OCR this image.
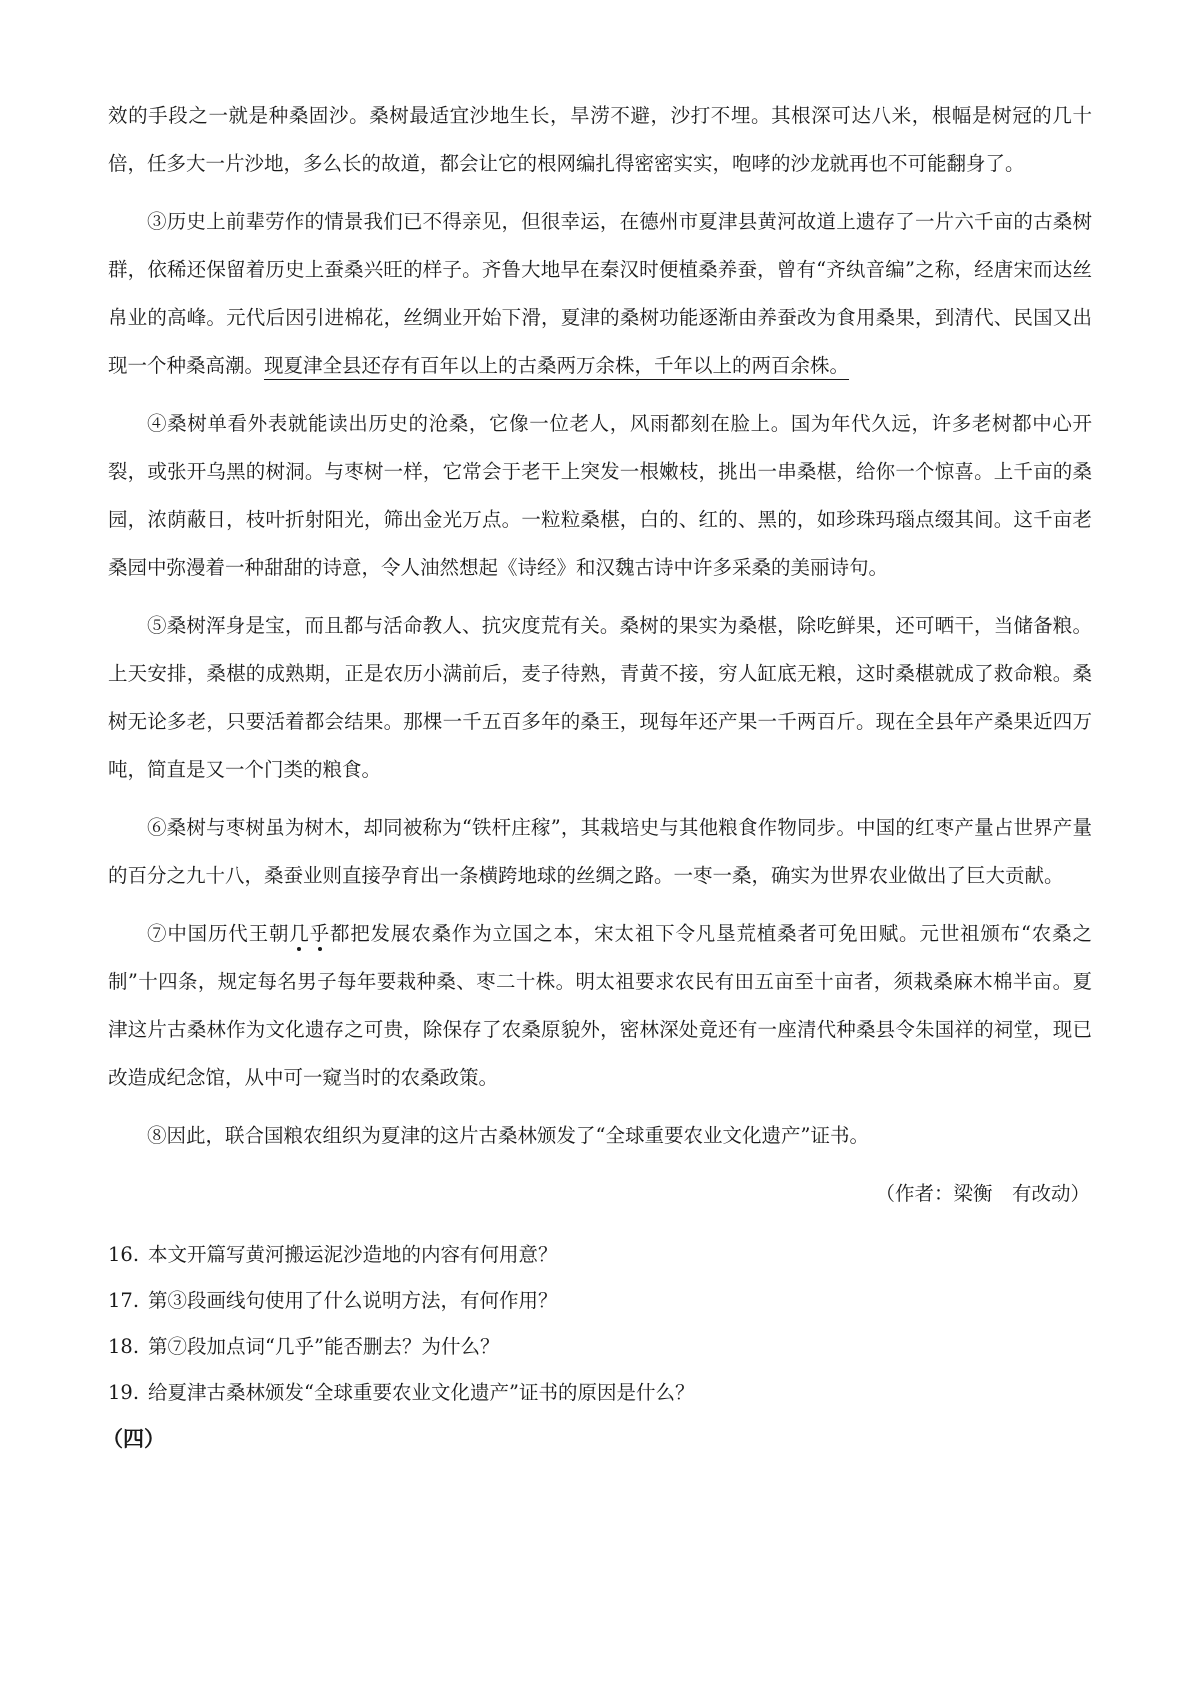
效的手段之一就是种桑固沙。桑树最适宜沙地生长，旱涝不避，沙打不埋。其根深可达八米，根幅是树冠的几十倍，任多大一片沙地，多么长的故道，都会让它的根网编扎得密密实实，咆哮的沙龙就再也不可能翻身了。

③历史上前辈劳作的情景我们已不得亲见，但很幸运，在德州市夏津县黄河故道上遗存了一片六千亩的古桑树群，依稀还保留着历史上蚕桑兴旺的样子。齐鲁大地早在秦汉时便植桑养蚕，曾有“齐纨音编”之称，经唐宋而达丝帛业的高峰。元代后因引进棉花，丝绸业开始下滑，夏津的桑树功能逐渐由养蚕改为食用桑果，到清代、民国又出现一个种桑高潮。现夏津全县还存有百年以上的古桑两万余株，千年以上的两百余株。

④桑树单看外表就能读出历史的沧桑，它像一位老人，风雨都刻在脸上。国为年代久远，许多老树都中心开裂，或张开乌黑的树洞。与枣树一样，它常会于老干上突发一根嫩枝，挑出一串桑椹，给你一个惊喜。上千亩的桑园，浓荫蔽日，枝叶折射阳光，筛出金光万点。一粒粒桑椹，白的、红的、黑的，如珍珠玛瑙点缀其间。这千亩老桑园中弥漫着一种甜甜的诗意，令人油然想起《诗经》和汉魏古诗中许多采桑的美丽诗句。

⑤桑树浑身是宝，而且都与活命教人、抗灾度荒有关。桑树的果实为桑椹，除吃鲜果，还可晒干，当储备粮。上天安排，桑椹的成熟期，正是农历小满前后，麦子待熟，青黄不接，穷人缸底无粮，这时桑椹就成了救命粮。桑树无论多老，只要活着都会结果。那棵一千五百多年的桑王，现每年还产果一千两百斤。现在全县年产桑果近四万吨，简直是又一个门类的粮食。

⑥桑树与枣树虽为树木，却同被称为“铁杆庄稼”，其栽培史与其他粮食作物同步。中国的红枣产量占世界产量的百分之九十八，桑蚕业则直接孕育出一条横跨地球的丝绸之路。一枣一桑，确实为世界农业做出了巨大贡献。

⑦中国历代王朝几乎都把发展农桑作为立国之本，宋太祖下令凡垦荒植桑者可免田赋。元世祖颁布“农桑之制”十四条，规定每名男子每年要栽种桑、枣二十株。明太祖要求农民有田五亩至十亩者，须栽桑麻木棉半亩。夏津这片古桑林作为文化遗存之可贵，除保存了农桑原貌外，密林深处竟还有一座清代种桑县令朱国祥的祠堂，现已改造成纪念馆，从中可一窥当时的农桑政策。

⑧因此，联合国粮农组织为夏津的这片古桑林颁发了“全球重要农业文化遗产”证书。

（作者：梁衡　有改动）

16. 本文开篇写黄河搬运泥沙造地的内容有何用意？

17. 第③段画线句使用了什么说明方法，有何作用？

18. 第⑦段加点词“几乎”能否删去？为什么？

19. 给夏津古桑林颁发“全球重要农业文化遗产”证书的原因是什么？

（四）
